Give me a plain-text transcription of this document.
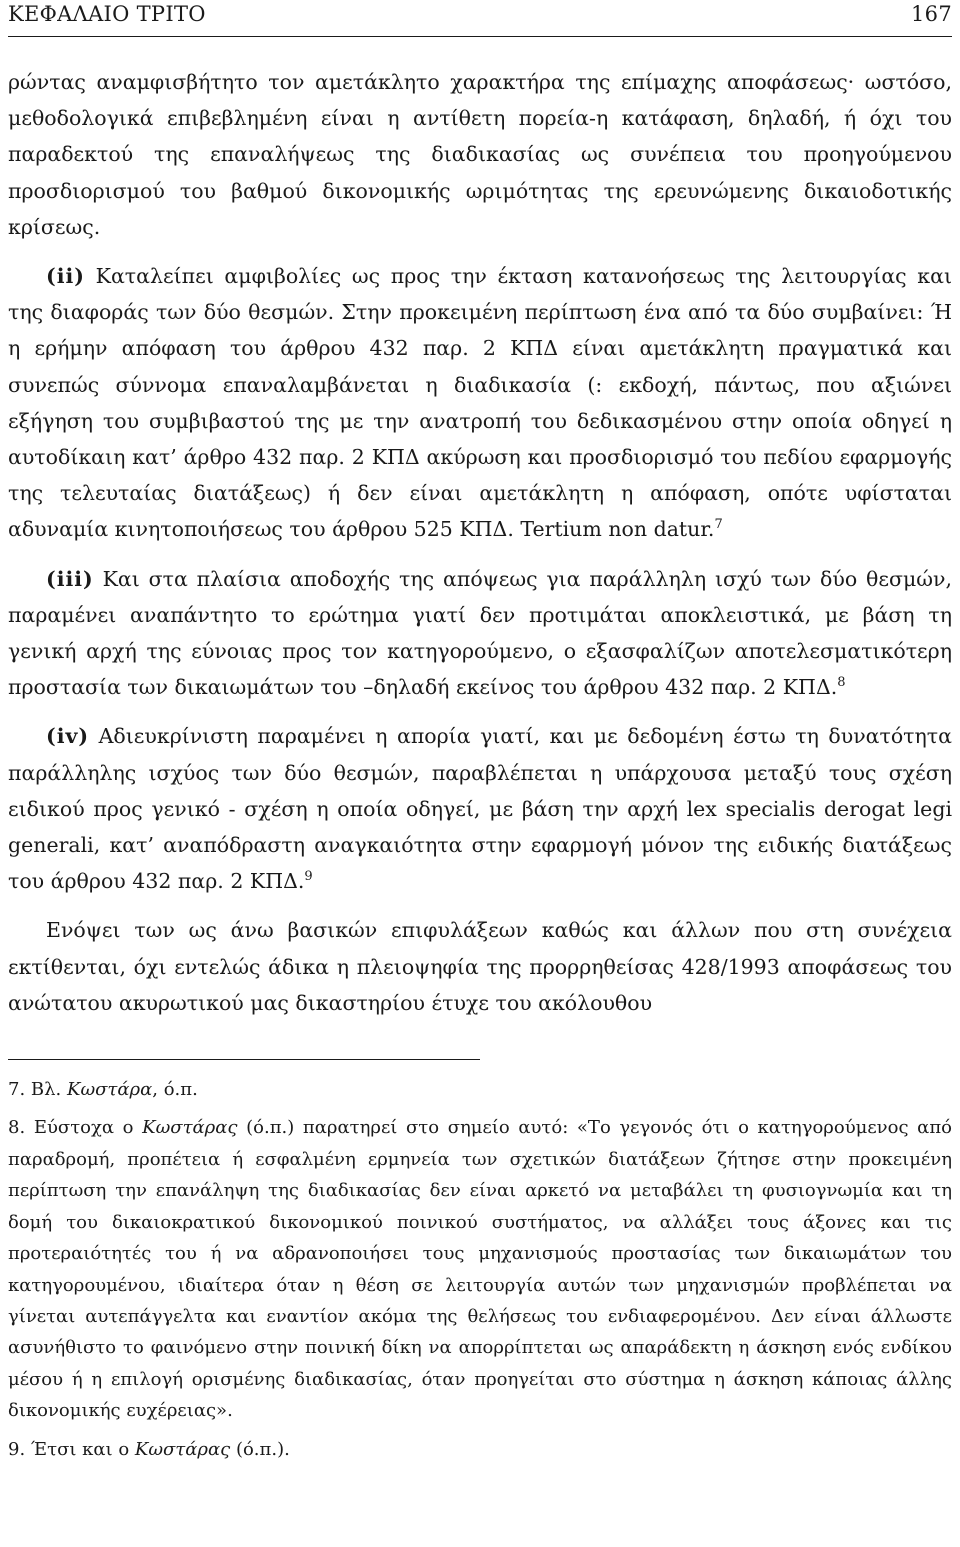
ΚΕΦΑΛΑΙΟ ΤΡΙΤΟ	167

ρώντας αναμφισβήτητο τον αμετάκλητο χαρακτήρα της επίμαχης αποφάσεως· ωστόσο, μεθοδολογικά επιβεβλημένη είναι η αντίθετη πορεία-η κατάφαση, δηλαδή, ή όχι του παραδεκτού της επαναλήψεως της διαδικασίας ως συνέπεια του προηγούμενου προσδιορισμού του βαθμού δικονομικής ωριμότητας της ερευνώμενης δικαιοδοτικής κρίσεως.

(ii) Καταλείπει αμφιβολίες ως προς την έκταση κατανοήσεως της λειτουργίας και της διαφοράς των δύο θεσμών. Στην προκειμένη περίπτωση ένα από τα δύο συμβαίνει: Ή η ερήμην απόφαση του άρθρου 432 παρ. 2 ΚΠΔ είναι αμετάκλητη πραγματικά και συνεπώς σύννομα επαναλαμβάνεται η διαδικασία (: εκδοχή, πάντως, που αξιώνει εξήγηση του συμβιβαστού της με την ανατροπή του δεδικασμένου στην οποία οδηγεί η αυτοδίκαιη κατ’ άρθρο 432 παρ. 2 ΚΠΔ ακύρωση και προσδιορισμό του πεδίου εφαρμογής της τελευταίας διατάξεως) ή δεν είναι αμετάκλητη η απόφαση, οπότε υφίσταται αδυναμία κινητοποιήσεως του άρθρου 525 ΚΠΔ. Tertium non datur.$^7$

(iii) Και στα πλαίσια αποδοχής της απόψεως για παράλληλη ισχύ των δύο θεσμών, παραμένει αναπάντητο το ερώτημα γιατί δεν προτιμάται αποκλειστικά, με βάση τη γενική αρχή της εύνοιας προς τον κατηγορούμενο, ο εξασφαλίζων αποτελεσματικότερη προστασία των δικαιωμάτων του –δηλαδή εκείνος του άρθρου 432 παρ. 2 ΚΠΔ.$^8$

(iv) Αδιευκρίνιστη παραμένει η απορία γιατί, και με δεδομένη έστω τη δυνατότητα παράλληλης ισχύος των δύο θεσμών, παραβλέπεται η υπάρχουσα μεταξύ τους σχέση ειδικού προς γενικό - σχέση η οποία οδηγεί, με βάση την αρχή lex specialis derogat legi generali, κατ’ αναπόδραστη αναγκαιότητα στην εφαρμογή μόνον της ειδικής διατάξεως του άρθρου 432 παρ. 2 ΚΠΔ.$^9$

Ενόψει των ως άνω βασικών επιφυλάξεων καθώς και άλλων που στη συνέχεια εκτίθενται, όχι εντελώς άδικα η πλειοψηφία της προρρηθείσας 428/1993 αποφάσεως του ανώτατου ακυρωτικού μας δικαστηρίου έτυχε του ακόλουθου

7. Βλ. Κωστάρα, ό.π.

8. Εύστοχα ο Κωστάρας (ό.π.) παρατηρεί στο σημείο αυτό: «Το γεγονός ότι ο κατηγορούμενος από παραδρομή, προπέτεια ή εσφαλμένη ερμηνεία των σχετικών διατάξεων ζήτησε στην προκειμένη περίπτωση την επανάληψη της διαδικασίας δεν είναι αρκετό να μεταβάλει τη φυσιογνωμία και τη δομή του δικαιοκρατικού δικονομικού ποινικού συστήματος, να αλλάξει τους άξονες και τις προτεραιότητές του ή να αδρανοποιήσει τους μηχανισμούς προστασίας των δικαιωμάτων του κατηγορουμένου, ιδιαίτερα όταν η θέση σε λειτουργία αυτών των μηχανισμών προβλέπεται να γίνεται αυτεπάγγελτα και εναντίον ακόμα της θελήσεως του ενδιαφερομένου. Δεν είναι άλλωστε ασυνήθιστο το φαινόμενο στην ποινική δίκη να απορρίπτεται ως απαράδεκτη η άσκηση ενός ενδίκου μέσου ή η επιλογή ορισμένης διαδικασίας, όταν προηγείται στο σύστημα η άσκηση κάποιας άλλης δικονομικής ευχέρειας».

9. Έτσι και ο Κωστάρας (ό.π.).
